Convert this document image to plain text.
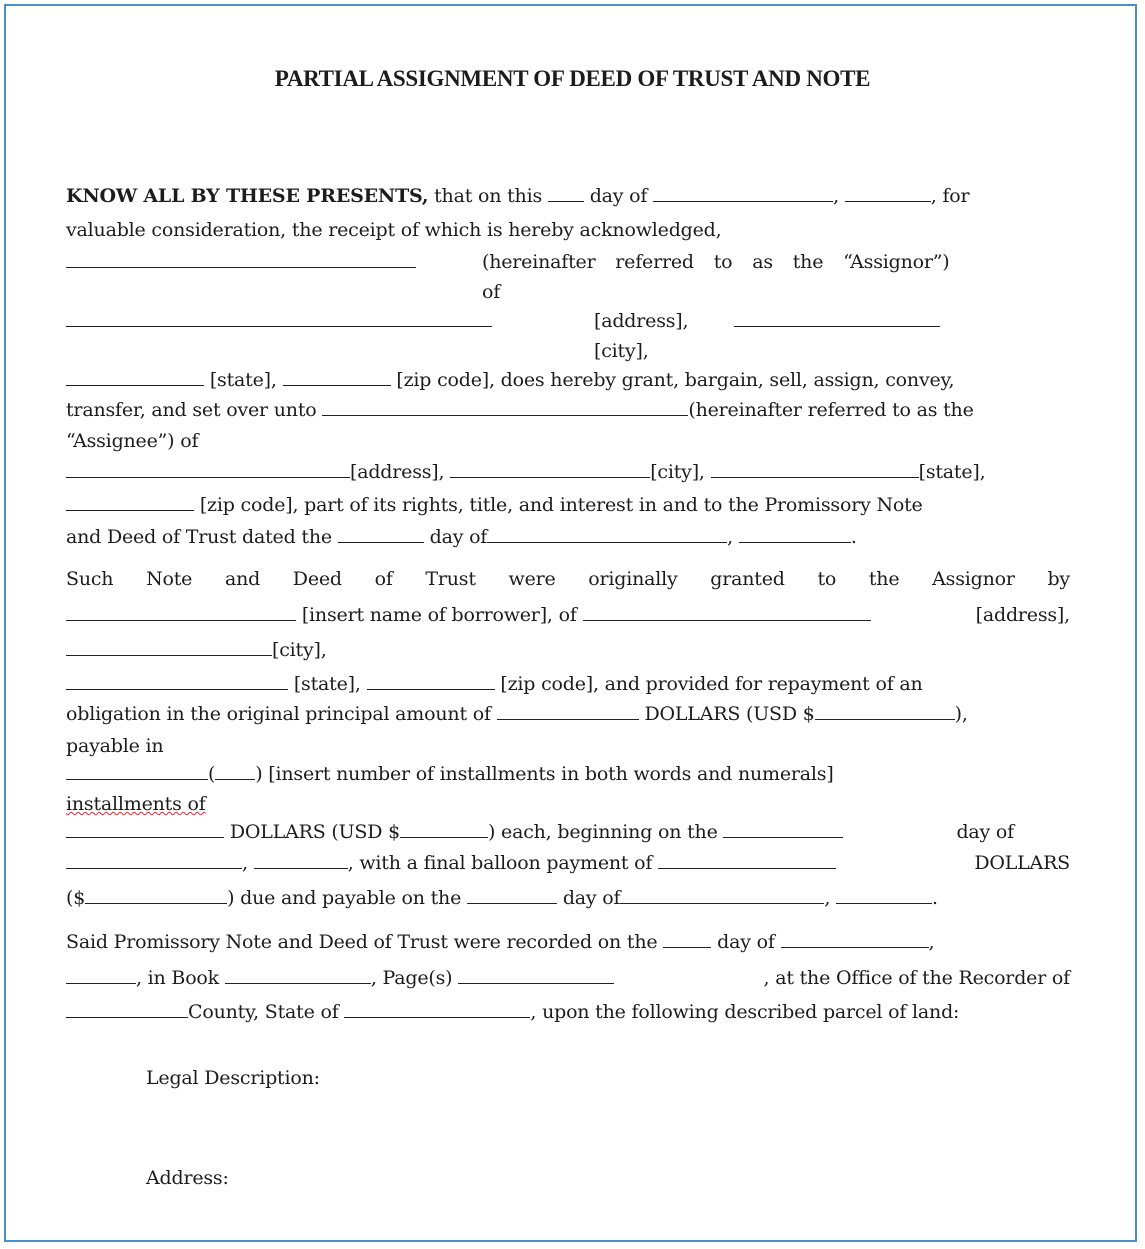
PARTIAL ASSIGNMENT OF DEED OF TRUST AND NOTE
KNOW ALL BY THESE PRESENTS, that on this	day of	,	, for
valuable consideration, the receipt of which is hereby acknowledged,
(hereinafter referred to as the “Assignor”)
of
[address],
[city],
[state],	[zip code], does hereby grant, bargain, sell, assign, convey,
transfer, and set over unto	(hereinafter referred to as the
“Assignee”) of
[address],	[city],	[state],
[zip code], part of its rights, title, and interest in and to the Promissory Note
and Deed of Trust dated the	day of	,	.
Such Note and Deed of Trust were originally granted to the Assignor by
[insert name of borrower], of	[address],
[city],
[state],	[zip code], and provided for repayment of an
obligation in the original principal amount of	DOLLARS (USD $	),
payable in
( ) [insert number of installments in both words and numerals]
installments of
DOLLARS (USD $	) each, beginning on the	day of
,	, with a final balloon payment of	DOLLARS
($	) due and payable on the	day of	,	.
Said Promissory Note and Deed of Trust were recorded on the	day of	,
, in Book	, Page(s)	, at the Office of the Recorder of
County, State of	, upon the following described parcel of land:
Legal Description:
Address:
